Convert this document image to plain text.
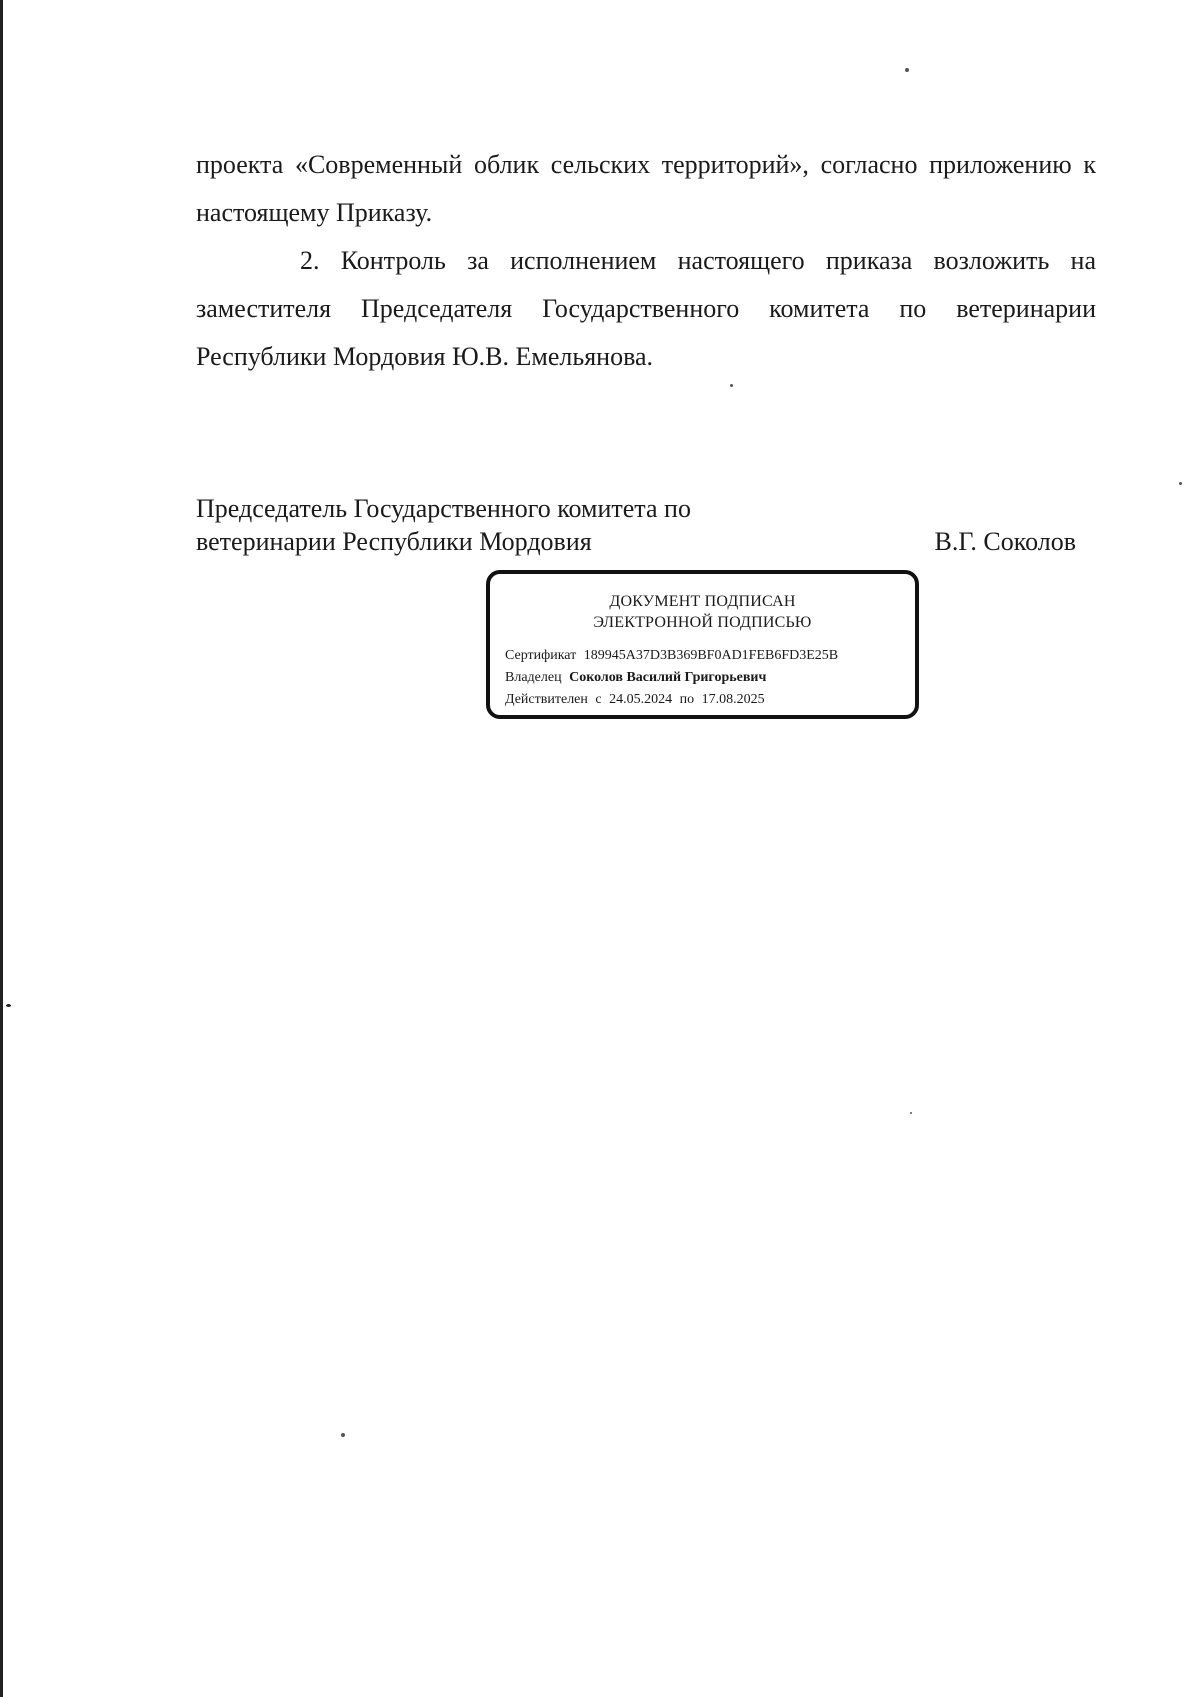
проекта «Современный облик сельских территорий», согласно приложению к

настоящему Приказу.

2. Контроль за исполнением настоящего приказа возложить на

заместителя Председателя Государственного комитета по ветеринарии

Республики Мордовия Ю.В. Емельянова.

Председатель Государственного комитета по

ветеринарии Республики Мордовия	В.Г. Соколов
ДОКУМЕНТ ПОДПИСАН
ЭЛЕКТРОННОЙ ПОДПИСЬЮ
Сертификат 189945A37D3B369BF0AD1FEB6FD3E25B
Владелец Соколов Василий Григорьевич
Действителен с 24.05.2024 по 17.08.2025
